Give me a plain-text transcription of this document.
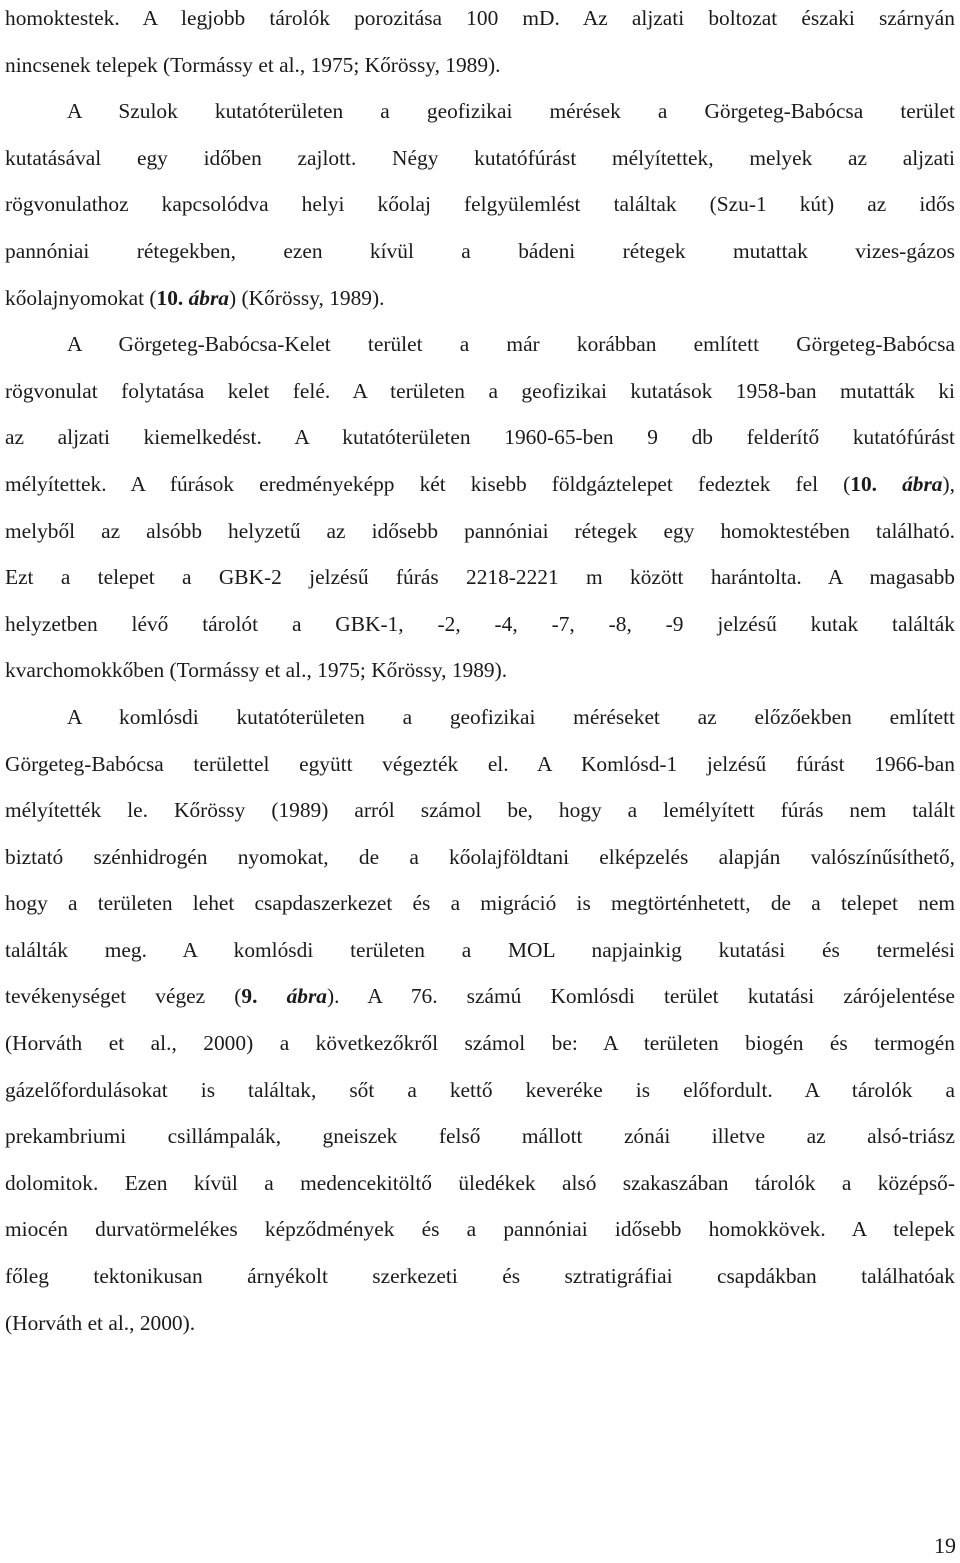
homoktestek. A legjobb tárolók porozitása 100 mD. Az aljzati boltozat északi szárnyán
nincsenek telepek (Tormássy et al., 1975; Kőrössy, 1989).
A Szulok kutatóterületen a geofizikai mérések a Görgeteg-Babócsa terület
kutatásával egy időben zajlott. Négy kutatófúrást mélyítettek, melyek az aljzati
rögvonulathoz kapcsolódva helyi kőolaj felgyülemlést találtak (Szu-1 kút) az idős
pannóniai rétegekben, ezen kívül a bádeni rétegek mutattak vizes-gázos
kőolajnyomokat (10. ábra) (Kőrössy, 1989).
A Görgeteg-Babócsa-Kelet terület a már korábban említett Görgeteg-Babócsa
rögvonulat folytatása kelet felé. A területen a geofizikai kutatások 1958-ban mutatták ki
az aljzati kiemelkedést. A kutatóterületen 1960-65-ben 9 db felderítő kutatófúrást
mélyítettek. A fúrások eredményeképp két kisebb földgáztelepet fedeztek fel (10. ábra),
melyből az alsóbb helyzetű az idősebb pannóniai rétegek egy homoktestében található.
Ezt a telepet a GBK-2 jelzésű fúrás 2218-2221 m között harántolta. A magasabb
helyzetben lévő tárolót a GBK-1, -2, -4, -7, -8, -9 jelzésű kutak találták
kvarchomokkőben (Tormássy et al., 1975; Kőrössy, 1989).
A komlósdi kutatóterületen a geofizikai méréseket az előzőekben említett
Görgeteg-Babócsa területtel együtt végezték el. A Komlósd-1 jelzésű fúrást 1966-ban
mélyítették le. Kőrössy (1989) arról számol be, hogy a lemélyített fúrás nem talált
biztató szénhidrogén nyomokat, de a kőolajföldtani elképzelés alapján valószínűsíthető,
hogy a területen lehet csapdaszerkezet és a migráció is megtörténhetett, de a telepet nem
találták meg. A komlósdi területen a MOL napjainkig kutatási és termelési
tevékenységet végez (9. ábra). A 76. számú Komlósdi terület kutatási zárójelentése
(Horváth et al., 2000) a következőkről számol be: A területen biogén és termogén
gázelőfordulásokat is találtak, sőt a kettő keveréke is előfordult. A tárolók a
prekambriumi csillámpalák, gneiszek felső mállott zónái illetve az alsó-triász
dolomitok. Ezen kívül a medencekitöltő üledékek alsó szakaszában tárolók a középső-
miocén durvatörmelékes képződmények és a pannóniai idősebb homokkövek. A telepek
főleg tektonikusan árnyékolt szerkezeti és sztratigráfiai csapdákban találhatóak
(Horváth et al., 2000).
19
